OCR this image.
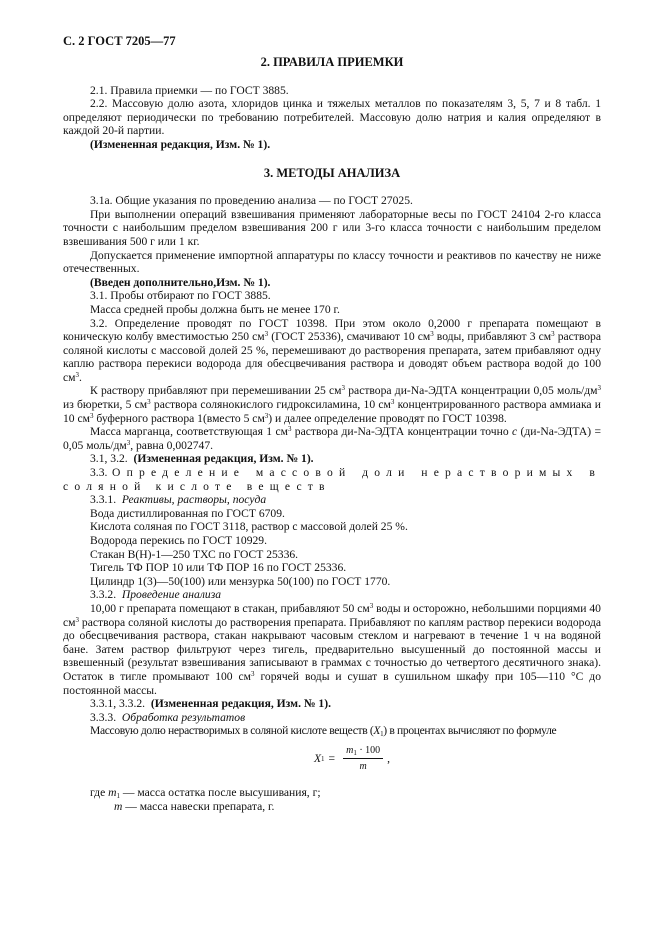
С. 2 ГОСТ 7205—77
2. ПРАВИЛА ПРИЕМКИ

2.1. Правила приемки — по ГОСТ 3885.

2.2. Массовую долю азота, хлоридов цинка и тяжелых металлов по показателям 3, 5, 7 и 8 табл. 1 определяют периодически по требованию потребителей. Массовую долю натрия и калия определяют в каждой 20-й партии.

(Измененная редакция, Изм. № 1).

3. МЕТОДЫ АНАЛИЗА

3.1а. Общие указания по проведению анализа — по ГОСТ 27025.

При выполнении операций взвешивания применяют лабораторные весы по ГОСТ 24104 2-го класса точности с наибольшим пределом взвешивания 200 г или 3-го класса точности с наибольшим пределом взвешивания 500 г или 1 кг.

Допускается применение импортной аппаратуры по классу точности и реактивов по качеству не ниже отечественных.

(Введен дополнительно,Изм. № 1).

3.1. Пробы отбирают по ГОСТ 3885.

Масса средней пробы должна быть не менее 170 г.

3.2. Определение проводят по ГОСТ 10398. При этом около 0,2000 г препарата помещают в коническую колбу вместимостью 250 $см^3$ (ГОСТ 25336), смачивают 10 $см^3$ воды, прибавляют 3 $см^3$ раствора соляной кислоты с массовой долей 25 %, перемешивают до растворения препарата, затем прибавляют одну каплю раствора перекиси водорода для обесцвечивания раствора и доводят объем раствора водой до 100 $см^3$.

К раствору прибавляют при перемешивании 25 $см^3$ раствора ди-Na-ЭДТА концентрации 0,05 моль/$дм^3$ из бюретки, 5 $см^3$ раствора солянокислого гидроксиламина, 10 $см^3$ концентрированного раствора аммиака и 10 $см^3$ буферного раствора 1(вместо 5 $см^3$) и далее определение проводят по ГОСТ 10398.

Масса марганца, соответствующая 1 $см^3$ раствора ди-Na-ЭДТА концентрации точно c (ди-Na-ЭДТА) = 0,05 моль/$дм^3$, равна 0,002747.

3.1, 3.2. (Измененная редакция, Изм. № 1).

3.3. Определение массовой доли нерастворимых в соляной кислоте веществ

3.3.1. Реактивы, растворы, посуда

Вода дистиллированная по ГОСТ 6709.

Кислота соляная по ГОСТ 3118, раствор с массовой долей 25 %.

Водорода перекись по ГОСТ 10929.

Стакан В(Н)-1—250 ТХС по ГОСТ 25336.

Тигель ТФ ПОР 10 или ТФ ПОР 16 по ГОСТ 25336.

Цилиндр 1(3)—50(100) или мензурка 50(100) по ГОСТ 1770.

3.3.2. Проведение анализа

10,00 г препарата помещают в стакан, прибавляют 50 $см^3$ воды и осторожно, небольшими порциями 40 $см^3$ раствора соляной кислоты до растворения препарата. Прибавляют по каплям раствор перекиси водорода до обесцвечивания раствора, стакан накрывают часовым стеклом и нагревают в течение 1 ч на водяной бане. Затем раствор фильтруют через тигель, предварительно высушенный до постоянной массы и взвешенный (результат взвешивания записывают в граммах с точностью до четвертого десятичного знака). Остаток в тигле промывают 100 $см^3$ горячей воды и сушат в сушильном шкафу при 105—110 °С до постоянной массы.

3.3.1, 3.3.2. (Измененная редакция, Изм. № 1).

3.3.3. Обработка результатов

Массовую долю нерастворимых в соляной кислоте веществ $(X_1)$ в процентах вычисляют по формуле

X $1 = \frac{m_1 \cdot 100}{m}$ ,

где $m_1$ — масса остатка после высушивания, г;

m — масса навески препарата, г.
